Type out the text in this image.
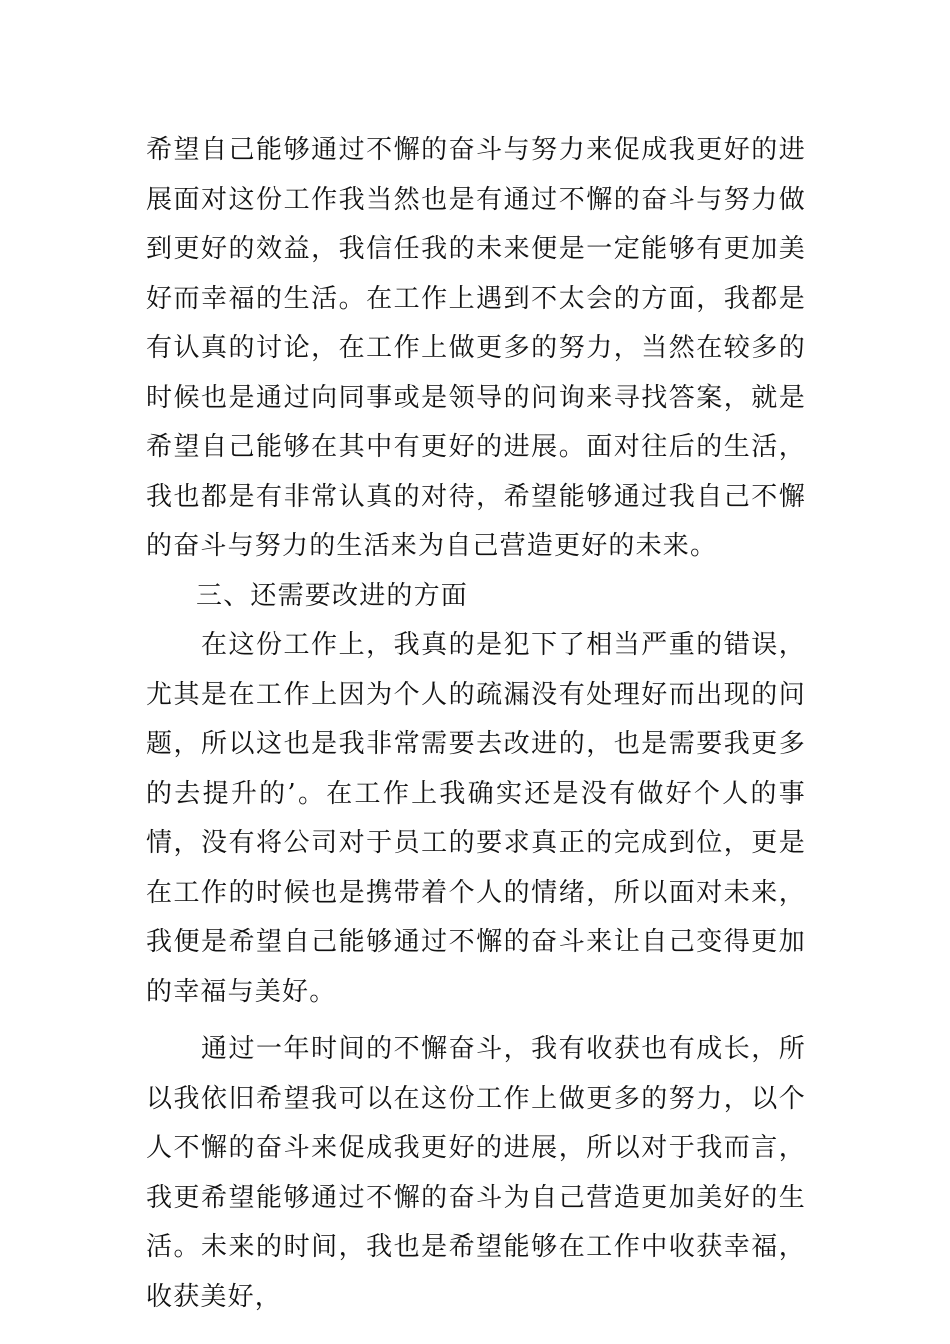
希望自己能够通过不懈的奋斗与努力来促成我更好的进展面对这份工作我当然也是有通过不懈的奋斗与努力做到更好的效益，我信任我的未来便是一定能够有更加美好而幸福的生活。在工作上遇到不太会的方面，我都是有认真的讨论，在工作上做更多的努力，当然在较多的时候也是通过向同事或是领导的问询来寻找答案，就是希望自己能够在其中有更好的进展。面对往后的生活，我也都是有非常认真的对待，希望能够通过我自己不懈的奋斗与努力的生活来为自己营造更好的未来。

三、还需要改进的方面

在这份工作上，我真的是犯下了相当严重的错误，尤其是在工作上因为个人的疏漏没有处理好而出现的问题，所以这也是我非常需要去改进的，也是需要我更多的去提升的’。在工作上我确实还是没有做好个人的事情，没有将公司对于员工的要求真正的完成到位，更是在工作的时候也是携带着个人的情绪，所以面对未来，我便是希望自己能够通过不懈的奋斗来让自己变得更加的幸福与美好。

通过一年时间的不懈奋斗，我有收获也有成长，所以我依旧希望我可以在这份工作上做更多的努力，以个人不懈的奋斗来促成我更好的进展，所以对于我而言，我更希望能够通过不懈的奋斗为自己营造更加美好的生活。未来的时间，我也是希望能够在工作中收获幸福，收获美好，
